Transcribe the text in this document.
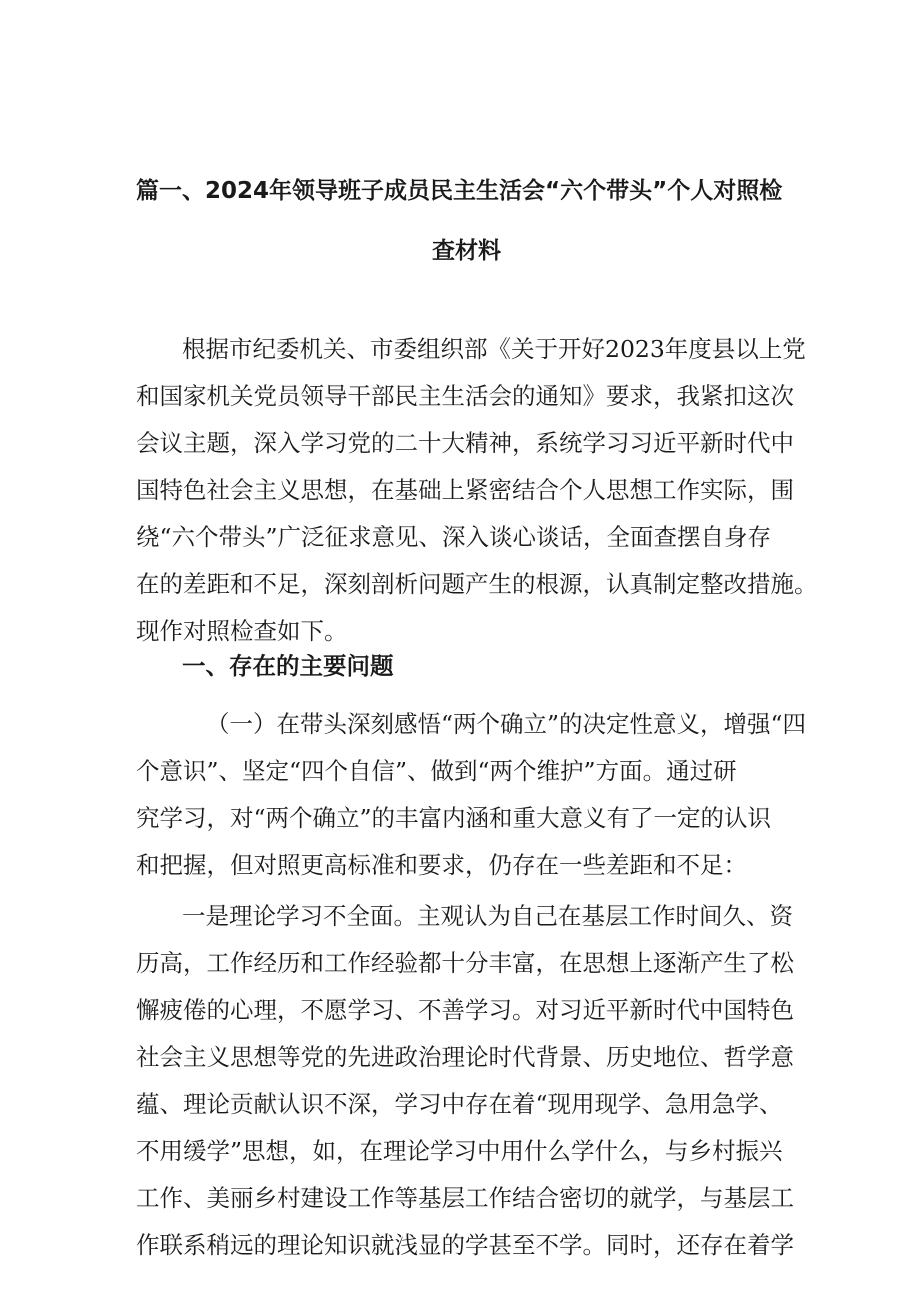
篇一、2024年领导班子成员民主生活会“六个带头”个人对照检
查材料
根据市纪委机关、市委组织部《关于开好2023年度县以上党
和国家机关党员领导干部民主生活会的通知》要求，我紧扣这次
会议主题，深入学习党的二十大精神，系统学习习近平新时代中
国特色社会主义思想，在基础上紧密结合个人思想工作实际，围
绕“六个带头”广泛征求意见、深入谈心谈话，全面查摆自身存
在的差距和不足，深刻剖析问题产生的根源，认真制定整改措施。
现作对照检查如下。
一、存在的主要问题
（一）在带头深刻感悟“两个确立”的决定性意义，增强“四
个意识”、坚定“四个自信”、做到“两个维护”方面。通过研
究学习，对“两个确立”的丰富内涵和重大意义有了一定的认识
和把握，但对照更高标准和要求，仍存在一些差距和不足：
一是理论学习不全面。主观认为自己在基层工作时间久、资
历高，工作经历和工作经验都十分丰富，在思想上逐渐产生了松
懈疲倦的心理，不愿学习、不善学习。对习近平新时代中国特色
社会主义思想等党的先进政治理论时代背景、历史地位、哲学意
蕴、理论贡献认识不深，学习中存在着“现用现学、急用急学、
不用缓学”思想，如，在理论学习中用什么学什么，与乡村振兴
工作、美丽乡村建设工作等基层工作结合密切的就学，与基层工
作联系稍远的理论知识就浅显的学甚至不学。同时，还存在着学
